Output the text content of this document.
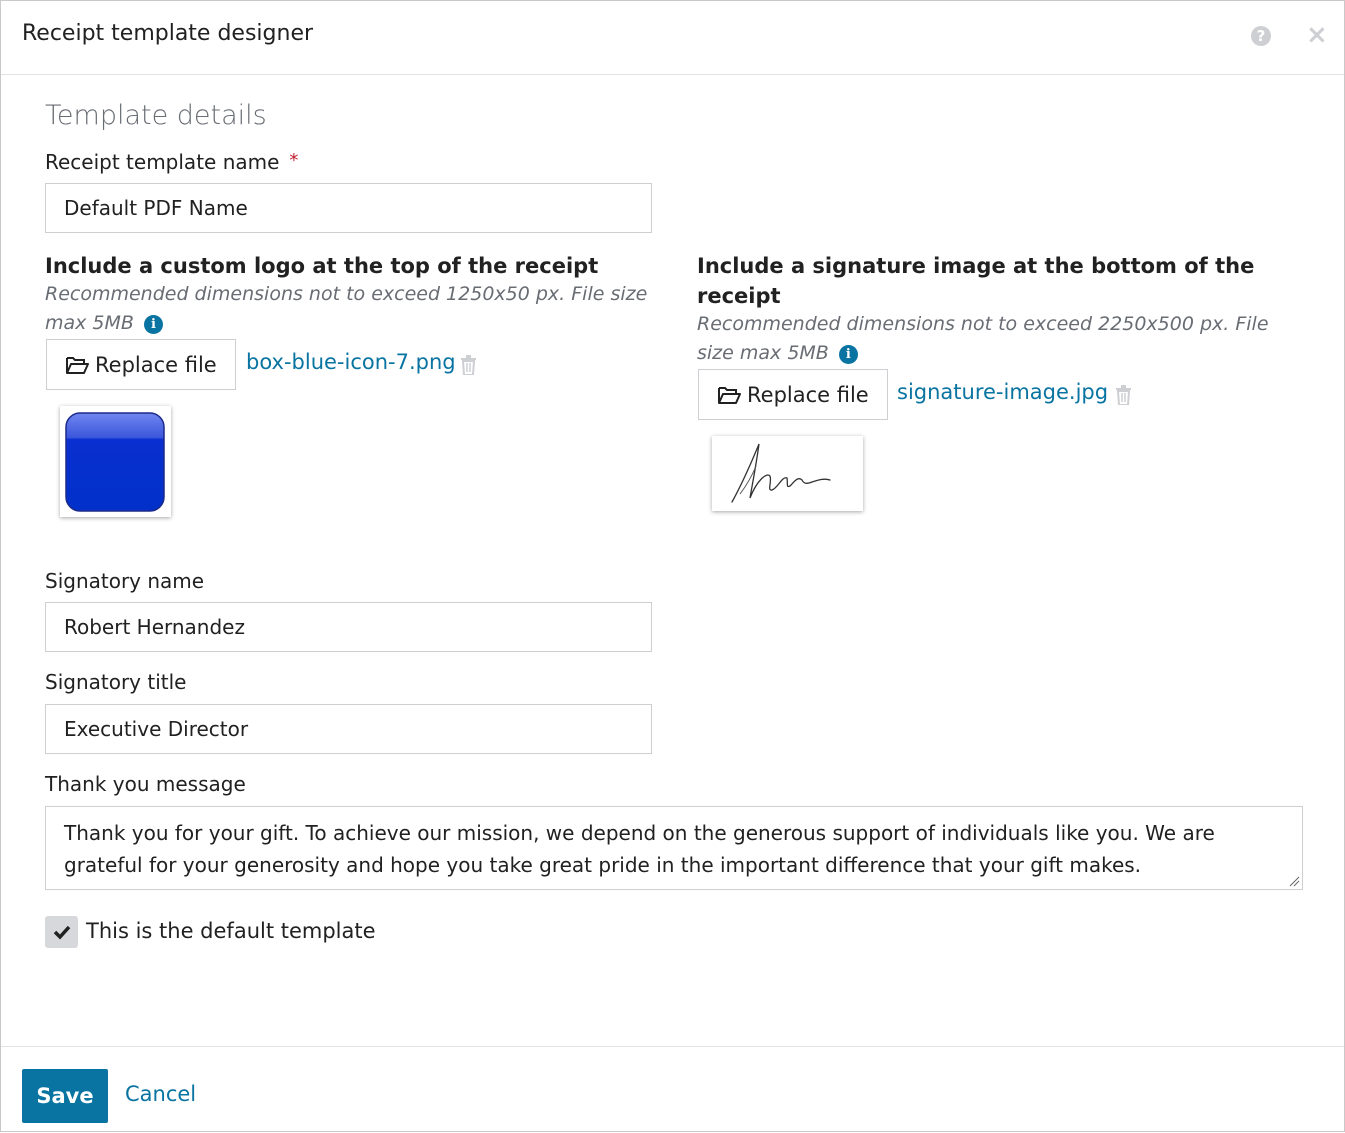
Receipt template designer	? ×
Template details
Receipt template name *
Default PDF Name
Include a custom logo at the top of the receipt
Recommended dimensions not to exceed 1250x50 px. File size max 5MB i
Replace file box-blue-icon-7.png
Include a signature image at the bottom of the receipt
Recommended dimensions not to exceed 2250x500 px. File size max 5MB i
Replace file signature-image.jpg
Signatory name
Robert Hernandez
Signatory title
Executive Director
Thank you message
Thank you for your gift. To achieve our mission, we depend on the generous support of individuals like you. We are grateful for your generosity and hope you take great pride in the important difference that your gift makes.
This is the default template
Save	Cancel
